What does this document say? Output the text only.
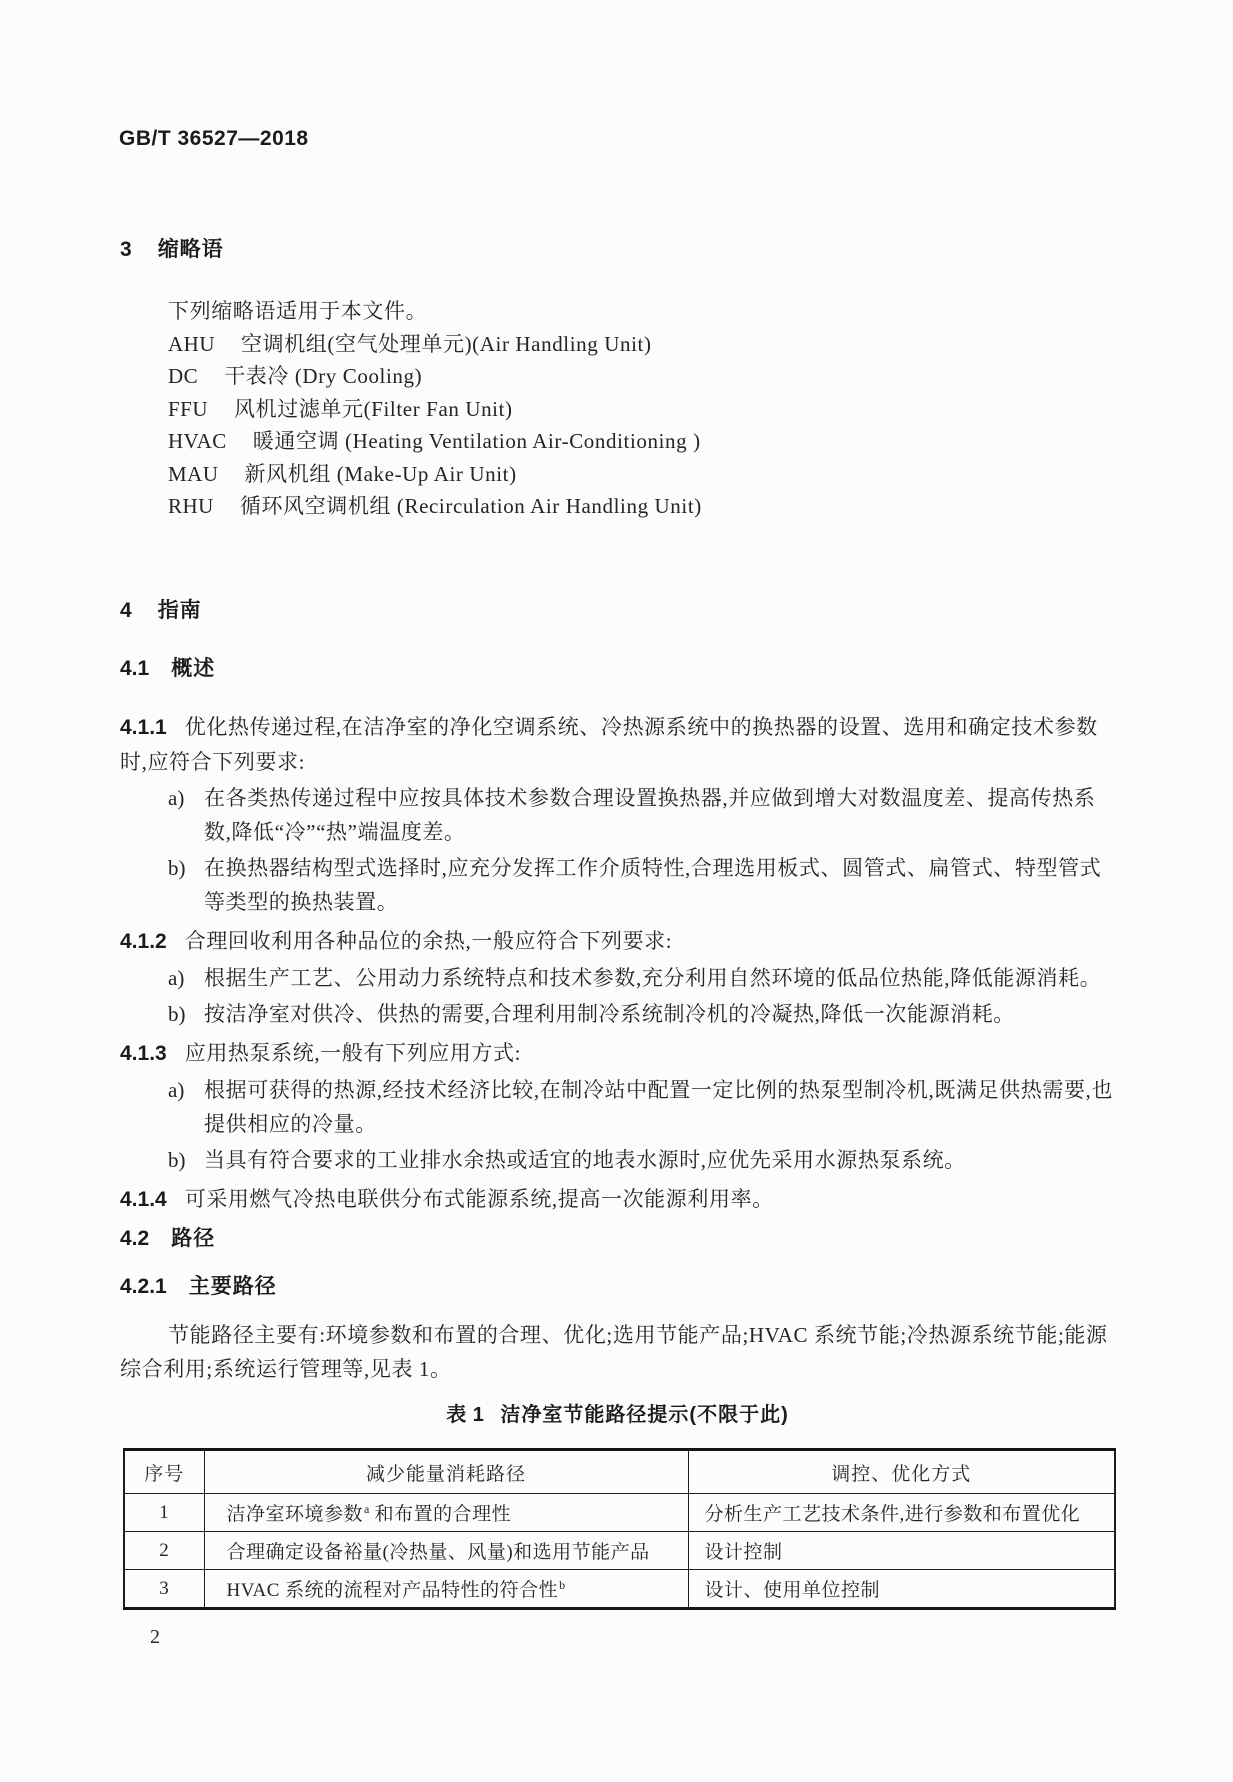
GB/T 36527—2018
3 缩略语
下列缩略语适用于本文件。
AHU 空调机组(空气处理单元)(Air Handling Unit)
DC 干表冷 (Dry Cooling)
FFU 风机过滤单元(Filter Fan Unit)
HVAC 暖通空调 (Heating Ventilation Air-Conditioning )
MAU 新风机组 (Make-Up Air Unit)
RHU 循环风空调机组 (Recirculation Air Handling Unit)
4 指南
4.1 概述

4.1.1 优化热传递过程,在洁净室的净化空调系统、冷热源系统中的换热器的设置、选用和确定技术参数时,应符合下列要求:

a) 在各类热传递过程中应按具体技术参数合理设置换热器,并应做到增大对数温度差、提高传热系数,降低“冷”“热”端温度差。
b) 在换热器结构型式选择时,应充分发挥工作介质特性,合理选用板式、圆管式、扁管式、特型管式等类型的换热装置。

4.1.2 合理回收利用各种品位的余热,一般应符合下列要求:

a) 根据生产工艺、公用动力系统特点和技术参数,充分利用自然环境的低品位热能,降低能源消耗。
b) 按洁净室对供冷、供热的需要,合理利用制冷系统制冷机的冷凝热,降低一次能源消耗。

4.1.3 应用热泵系统,一般有下列应用方式:

a) 根据可获得的热源,经技术经济比较,在制冷站中配置一定比例的热泵型制冷机,既满足供热需要,也提供相应的冷量。
b) 当具有符合要求的工业排水余热或适宜的地表水源时,应优先采用水源热泵系统。

4.1.4 可采用燃气冷热电联供分布式能源系统,提高一次能源利用率。

4.2 路径
4.2.1 主要路径

节能路径主要有:环境参数和布置的合理、优化;选用节能产品;HVAC 系统节能;冷热源系统节能;能源综合利用;系统运行管理等,见表 1。

表 1 洁净室节能路径提示(不限于此)
序号	减少能量消耗路径	调控、优化方式
1	洁净室环境参数$^a$ 和布置的合理性	分析生产工艺技术条件,进行参数和布置优化
2	合理确定设备裕量(冷热量、风量)和选用节能产品	设计控制
3	HVAC 系统的流程对产品特性的符合性$^b$	设计、使用单位控制
2
